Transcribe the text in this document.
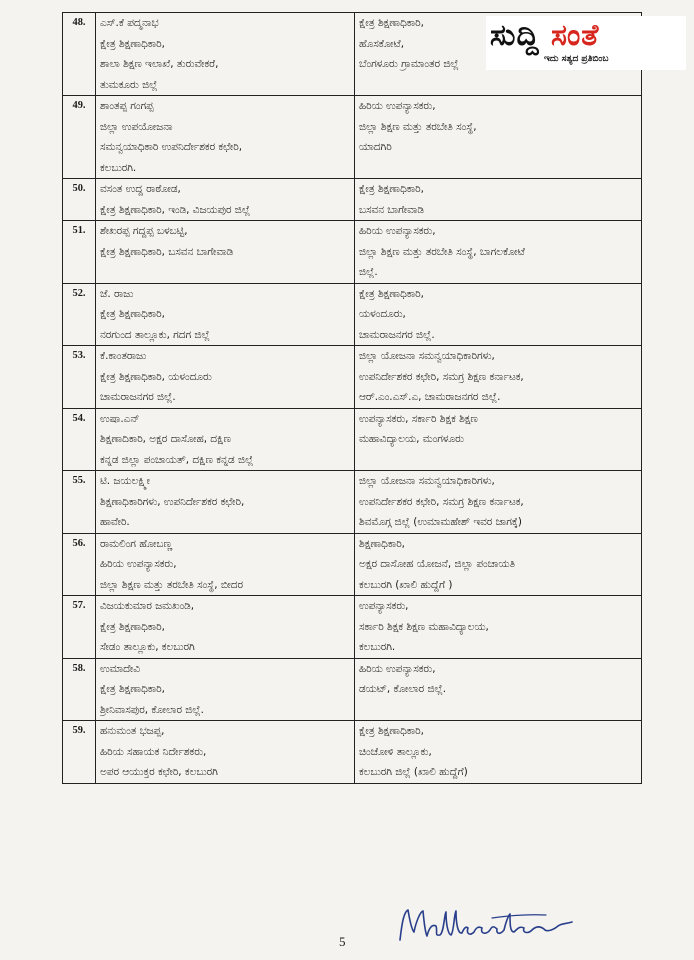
48.	ಎಸ್.ಕೆ ಪದ್ಮನಾಭ
ಕ್ಷೇತ್ರ ಶಿಕ್ಷಣಾಧಿಕಾರಿ,
ಶಾಲಾ ಶಿಕ್ಷಣ ಇಲಾಖೆ, ತುರುವೇಕರೆ,
ತುಮಕೂರು ಜಿಲ್ಲೆ	ಕ್ಷೇತ್ರ ಶಿಕ್ಷಣಾಧಿಕಾರಿ,
ಹೊಸಕೋಟೆ,
ಬೆಂಗಳೂರು ಗ್ರಾಮಾಂತರ ಜಿಲ್ಲೆ

49.	ಶಾಂತಪ್ಪ ಗಂಗಪ್ಪ
ಜಿಲ್ಲಾ ಉಪಯೋಜನಾ
ಸಮನ್ವಯಾಧಿಕಾರಿ ಉಪನಿರ್ದೇಶಕರ ಕಛೇರಿ,
ಕಲಬುರಗಿ.	ಹಿರಿಯ ಉಪನ್ಯಾಸಕರು,
ಜಿಲ್ಲಾ ಶಿಕ್ಷಣ ಮತ್ತು ತರಬೇತಿ ಸಂಸ್ಥೆ,
ಯಾದಗಿರಿ

50.	ವಸಂತ ಉದ್ದ ರಾಠೋಡ,
ಕ್ಷೇತ್ರ ಶಿಕ್ಷಣಾಧಿಕಾರಿ, ಇಂಡಿ, ವಿಜಯಪುರ ಜಿಲ್ಲೆ	ಕ್ಷೇತ್ರ ಶಿಕ್ಷಣಾಧಿಕಾರಿ,
ಬಸವನ ಬಾಗೇವಾಡಿ

51.	ಶೇಖರಪ್ಪ ಗದ್ದಪ್ಪ ಬಳಬಟ್ಟಿ,
ಕ್ಷೇತ್ರ ಶಿಕ್ಷಣಾಧಿಕಾರಿ, ಬಸವನ ಬಾಗೇವಾಡಿ	ಹಿರಿಯ ಉಪನ್ಯಾಸಕರು,
ಜಿಲ್ಲಾ ಶಿಕ್ಷಣ ಮತ್ತು ತರಬೇತಿ ಸಂಸ್ಥೆ, ಬಾಗಲಕೋಟೆ
ಜಿಲ್ಲೆ.

52.	ಜೆ. ರಾಜು
ಕ್ಷೇತ್ರ ಶಿಕ್ಷಣಾಧಿಕಾರಿ,
ನರಗುಂದ ತಾಲ್ಲೂಕು, ಗದಗ ಜಿಲ್ಲೆ	ಕ್ಷೇತ್ರ ಶಿಕ್ಷಣಾಧಿಕಾರಿ,
ಯಳಂದೂರು,
ಚಾಮರಾಜನಗರ ಜಿಲ್ಲೆ.

53.	ಕೆ.ಕಾಂತರಾಜು
ಕ್ಷೇತ್ರ ಶಿಕ್ಷಣಾಧಿಕಾರಿ, ಯಳಂದೂರು
ಚಾಮರಾಜನಗರ ಜಿಲ್ಲೆ.	ಜಿಲ್ಲಾ ಯೋಜನಾ ಸಮನ್ವಯಾಧಿಕಾರಿಗಳು,
ಉಪನಿರ್ದೇಶಕರ ಕಛೇರಿ, ಸಮಗ್ರ ಶಿಕ್ಷಣ ಕರ್ನಾಟಕ,
ಆರ್.ಎಂ.ಎಸ್.ಎ, ಚಾಮರಾಜನಗರ ಜಿಲ್ಲೆ.

54.	ಉಷಾ.ಎನ್
ಶಿಕ್ಷಣಾದಿಕಾರಿ, ಅಕ್ಷರ ದಾಸೋಹ, ದಕ್ಷಿಣ
ಕನ್ನಡ ಜಿಲ್ಲಾ ಪಂಚಾಯತ್, ದಕ್ಷಿಣ ಕನ್ನಡ ಜಿಲ್ಲೆ	ಉಪನ್ಯಾಸಕರು, ಸರ್ಕಾರಿ ಶಿಕ್ಷಕ ಶಿಕ್ಷಣ
ಮಹಾವಿದ್ಯಾಲಯ, ಮಂಗಳೂರು

55.	ಟಿ. ಜಯಲಕ್ಷ್ಮೀ
ಶಿಕ್ಷಣಾಧಿಕಾರಿಗಳು, ಉಪನಿರ್ದೇಶಕರ ಕಛೇರಿ,
ಹಾವೇರಿ.	ಜಿಲ್ಲಾ ಯೋಜನಾ ಸಮನ್ವಯಾಧಿಕಾರಿಗಳು,
ಉಪನಿರ್ದೇಶಕರ ಕಛೇರಿ, ಸಮಗ್ರ ಶಿಕ್ಷಣ ಕರ್ನಾಟಕ,
ಶಿವಮೊಗ್ಗ ಜಿಲ್ಲೆ (ಉಮಾಮಹೇಶ್ ಇವರ ಜಾಗಕ್ಕೆ)

56.	ರಾಮಲಿಂಗ ಹೋಬಣ್ಣ
ಹಿರಿಯ ಉಪನ್ಯಾಸಕರು,
ಜಿಲ್ಲಾ ಶಿಕ್ಷಣ ಮತ್ತು ತರಬೇತಿ ಸಂಸ್ಥೆ, ಬೀದರ	ಶಿಕ್ಷಣಾಧಿಕಾರಿ,
ಅಕ್ಷರ ದಾಸೋಹ ಯೋಜನೆ, ಜಿಲ್ಲಾ ಪಂಚಾಯತಿ
ಕಲಬುರಗಿ (ಖಾಲಿ ಹುದ್ದೆಗೆ )

57.	ವಿಜಯಕುಮಾರ ಜಮಖಂಡಿ,
ಕ್ಷೇತ್ರ ಶಿಕ್ಷಣಾಧಿಕಾರಿ,
ಸೇಡಂ ತಾಲ್ಲೂಕು, ಕಲಬುರಗಿ	ಉಪನ್ಯಾಸಕರು,
ಸರ್ಕಾರಿ ಶಿಕ್ಷಕ ಶಿಕ್ಷಣ ಮಹಾವಿದ್ಯಾಲಯ,
ಕಲಬುರಗಿ.

58.	ಉಮಾದೇವಿ
ಕ್ಷೇತ್ರ ಶಿಕ್ಷಣಾಧಿಕಾರಿ,
ಶ್ರೀನಿವಾಸಪುರ, ಕೋಲಾರ ಜಿಲ್ಲೆ.	ಹಿರಿಯ ಉಪನ್ಯಾಸಕರು,
ಡಯಟ್, ಕೋಲಾರ ಜಿಲ್ಲೆ.

59.	ಹನುಮಂತ ಭಜಪ್ಪ,
ಹಿರಿಯ ಸಹಾಯಕ ನಿರ್ದೇಶಕರು,
ಅಪರ ಆಯುಕ್ತರ ಕಛೇರಿ, ಕಲಬುರಗಿ	ಕ್ಷೇತ್ರ ಶಿಕ್ಷಣಾಧಿಕಾರಿ,
ಚಿಂಚೋಳಿ ತಾಲ್ಲೂಕು,
ಕಲಬುರಗಿ ಜಿಲ್ಲೆ (ಖಾಲಿ ಹುದ್ದೆಗೆ)
ಸುದ್ದಿ ಸಂತೆ
ಇದು ಸತ್ಯದ ಪ್ರತಿಬಿಂಬ
5
